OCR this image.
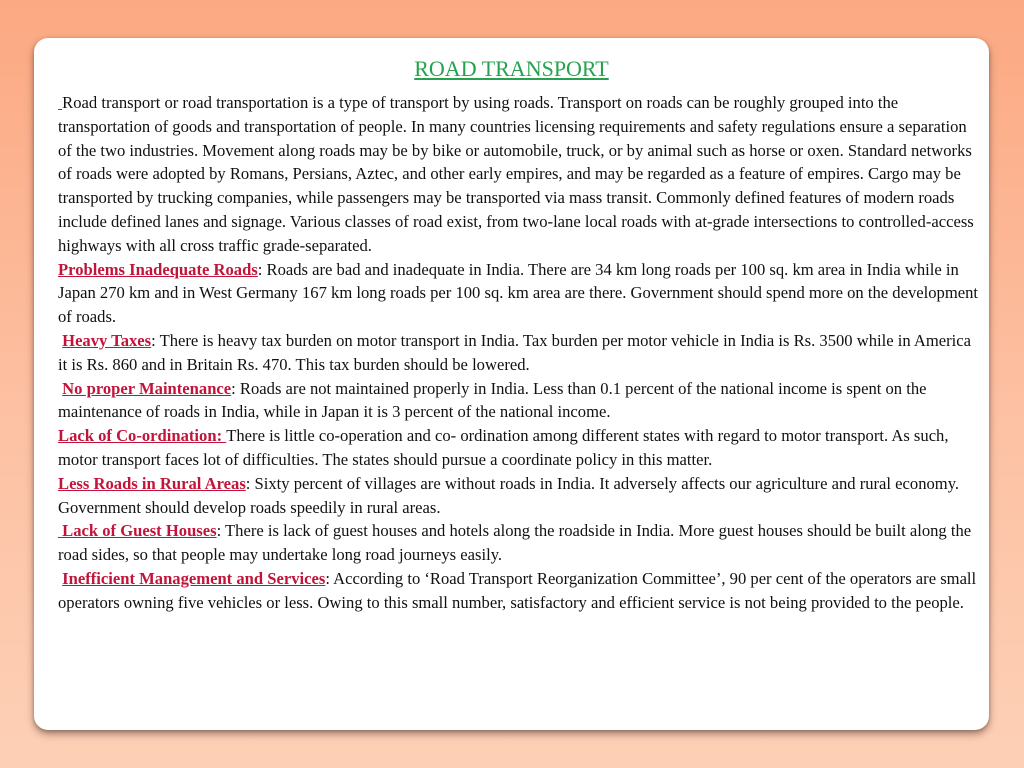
ROAD TRANSPORT

Road transport or road transportation is a type of transport by using roads. Transport on roads can be roughly grouped into the transportation of goods and transportation of people. In many countries licensing requirements and safety regulations ensure a separation of the two industries. Movement along roads may be by bike or automobile, truck, or by animal such as horse or oxen. Standard networks of roads were adopted by Romans, Persians, Aztec, and other early empires, and may be regarded as a feature of empires. Cargo may be transported by trucking companies, while passengers may be transported via mass transit. Commonly defined features of modern roads include defined lanes and signage. Various classes of road exist, from two-lane local roads with at-grade intersections to controlled-access highways with all cross traffic grade-separated.

Problems Inadequate Roads: Roads are bad and inadequate in India. There are 34 km long roads per 100 sq. km area in India while in Japan 270 km and in West Germany 167 km long roads per 100 sq. km area are there. Government should spend more on the development of roads.

Heavy Taxes: There is heavy tax burden on motor transport in India. Tax burden per motor vehicle in India is Rs. 3500 while in America it is Rs. 860 and in Britain Rs. 470. This tax burden should be lowered.

No proper Maintenance: Roads are not maintained properly in India. Less than 0.1 percent of the national income is spent on the maintenance of roads in India, while in Japan it is 3 percent of the national income.

Lack of Co-ordination: There is little co-operation and co- ordination among different states with regard to motor transport. As such, motor transport faces lot of difficulties. The states should pursue a coordinate policy in this matter.

Less Roads in Rural Areas: Sixty percent of villages are without roads in India. It adversely affects our agriculture and rural economy. Government should develop roads speedily in rural areas.

Lack of Guest Houses: There is lack of guest houses and hotels along the roadside in India. More guest houses should be built along the road sides, so that people may undertake long road journeys easily.

Inefficient Management and Services: According to ‘Road Transport Reorganization Committee’, 90 per cent of the operators are small operators owning five vehicles or less. Owing to this small number, satisfactory and efficient service is not being provided to the people.
